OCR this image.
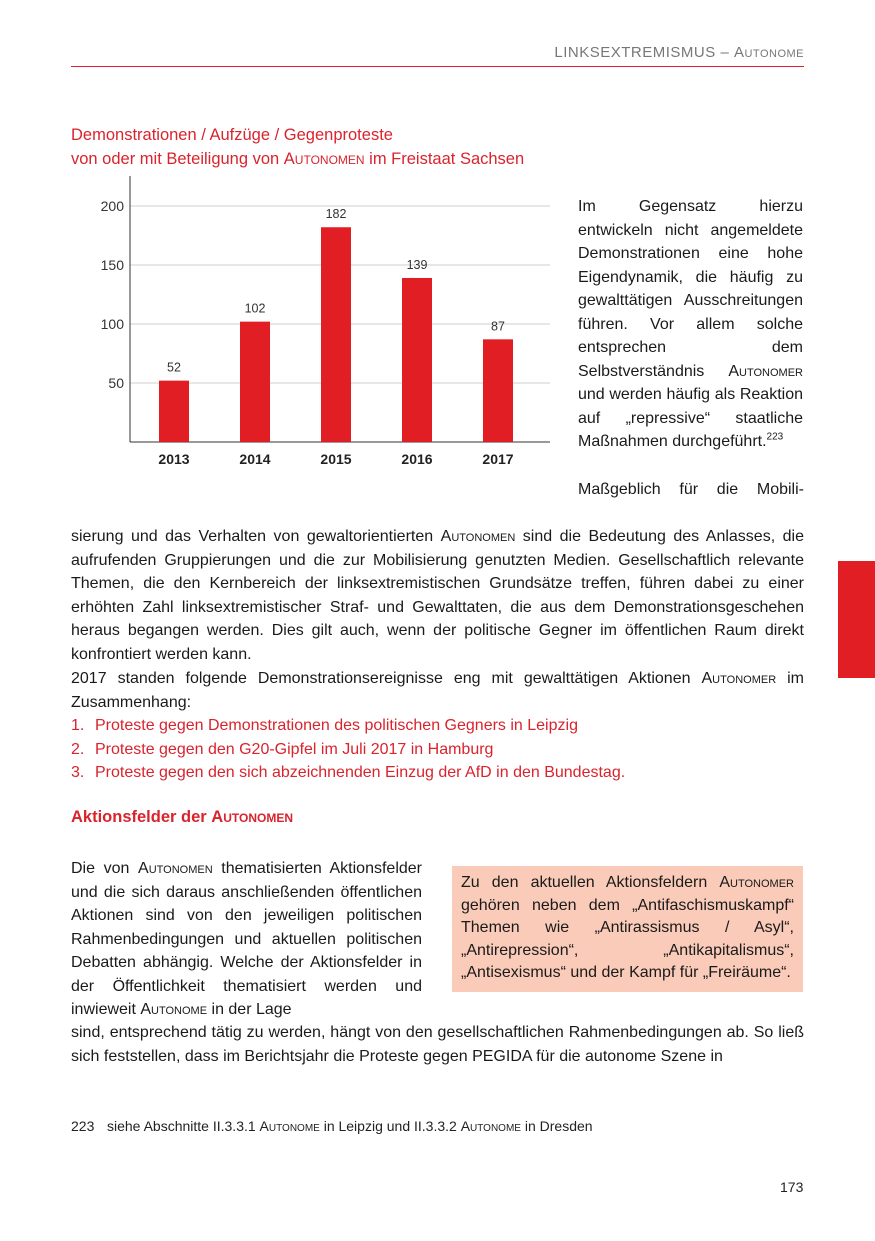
LINKSEXTREMISMUS – Autonome
Demonstrationen / Aufzüge / Gegenproteste
von oder mit Beteiligung von Autonomen im Freistaat Sachsen
50
100
150
200
52
2013
102
2014
182
2015
139
2016
87
2017
Im Gegensatz hierzu entwickeln nicht angemeldete Demonstrationen eine hohe Eigendynamik, die häufig zu gewalttätigen Ausschreitungen führen. Vor allem solche entsprechen dem Selbstverständnis Autonomer und werden häufig als Reaktion auf „repressive“ staatliche Maßnahmen durchgeführt.$^{223}$
Maßgeblich für die Mobili-
sierung und das Verhalten von gewaltorientierten Autonomen sind die Bedeutung des Anlasses, die aufrufenden Gruppierungen und die zur Mobilisierung genutzten Medien. Gesellschaftlich relevante Themen, die den Kernbereich der linksextremistischen Grundsätze treffen, führen dabei zu einer erhöhten Zahl linksextremistischer Straf- und Gewalttaten, die aus dem Demonstrationsgeschehen heraus begangen werden. Dies gilt auch, wenn der politische Gegner im öffentlichen Raum direkt konfrontiert werden kann.
2017 standen folgende Demonstrationsereignisse eng mit gewalttätigen Aktionen Autonomer im Zusammenhang:
1. Proteste gegen Demonstrationen des politischen Gegners in Leipzig
2. Proteste gegen den G20-Gipfel im Juli 2017 in Hamburg
3. Proteste gegen den sich abzeichnenden Einzug der AfD in den Bundestag.
Aktionsfelder der Autonomen
Die von Autonomen thematisierten Aktionsfelder und die sich daraus anschließenden öffentlichen Aktionen sind von den jeweiligen politischen Rahmenbedingungen und aktuellen politischen Debatten abhängig. Welche der Aktionsfelder in der Öffentlichkeit thematisiert werden und inwieweit Autonome in der Lage
Zu den aktuellen Aktionsfeldern Autonomer gehören neben dem „Antifaschismuskampf“ Themen wie „Antirassismus / Asyl“, „Antirepression“, „Antikapitalismus“, „Antisexismus“ und der Kampf für „Freiräume“.
sind, entsprechend tätig zu werden, hängt von den gesellschaftlichen Rahmenbedingungen ab. So ließ sich feststellen, dass im Berichtsjahr die Proteste gegen PEGIDA für die autonome Szene in
223 siehe Abschnitte II.3.3.1 Autonome in Leipzig und II.3.3.2 Autonome in Dresden
173
